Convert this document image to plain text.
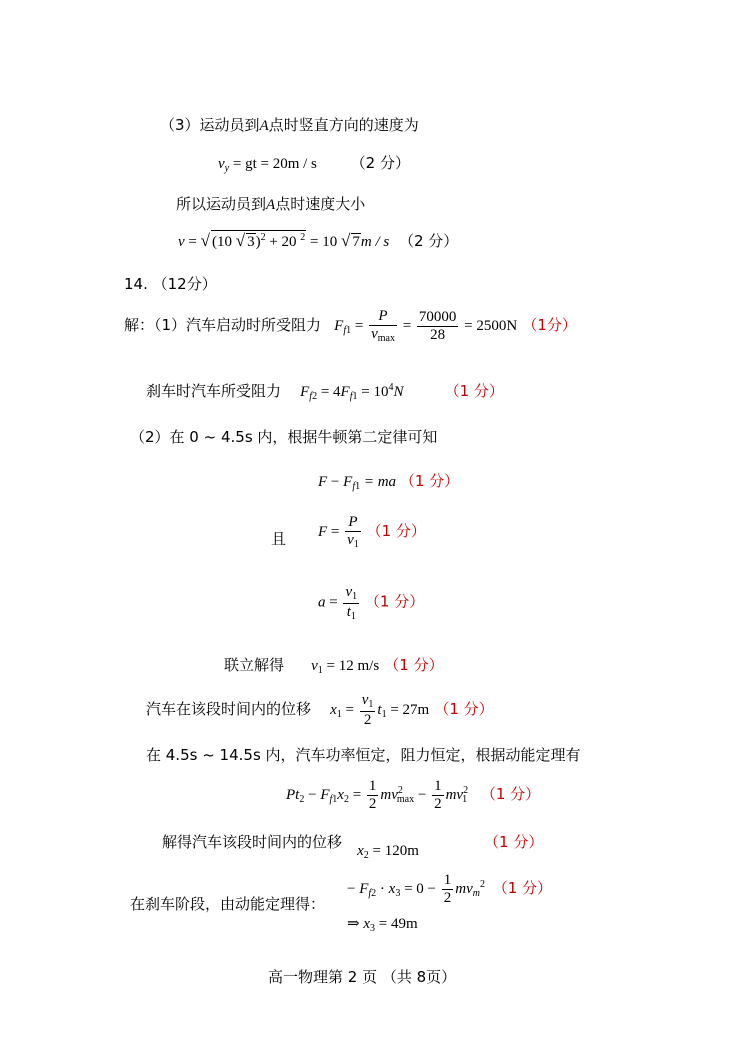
（3）运动员到A点时竖直方向的速度为
$v_y$ = gt = 20m / s （2 分）
所以运动员到A点时速度大小
v = √ (10 √ 3)$^2$ + 20 $^2$ = 10 √ 7m / s （2 分）
14. （12分）
解：（1）汽车启动时所受阻力 $F_{f1} = \frac{P}{v_{max}} = \frac{70000}{28} = 2500N$ （1分）
刹车时汽车所受阻力 $F_{f2} = 4F_{f1} = 10^4N$	（1 分）
（2）在 0 ~ 4.5s 内，根据牛顿第二定律可知
$F - F_{f1}$ = ma （1 分）
且 $F = \frac{P}{v_1} (1$ 分）
$a = \frac{v_1}{t_1} (1$ 分）
联立解得 $v_1 = 12$ m/s （1 分）
汽车在该段时间内的位移 $x_1 = \frac{v_1}{2} t_1 = 27m$ （1 分）
在 4.5s ~ 14.5s 内，汽车功率恒定，阻力恒定，根据动能定理有
$Pt_2 - F_{f1}x_2 = \frac{1}{2} mv^2_{max} - \frac{1}{2} mv^2_1$ （1 分）
解得汽车该段时间内的位移 $x_2 = 120m$	（1 分）
在刹车阶段，由动能定理得：
− $F_{f2} \cdot x_3 = 0 - \frac{1}{2} mv_m^2$ （1 分）
⇒ $x_3 = 49m$
高一物理第 2 页 （共 8页）
